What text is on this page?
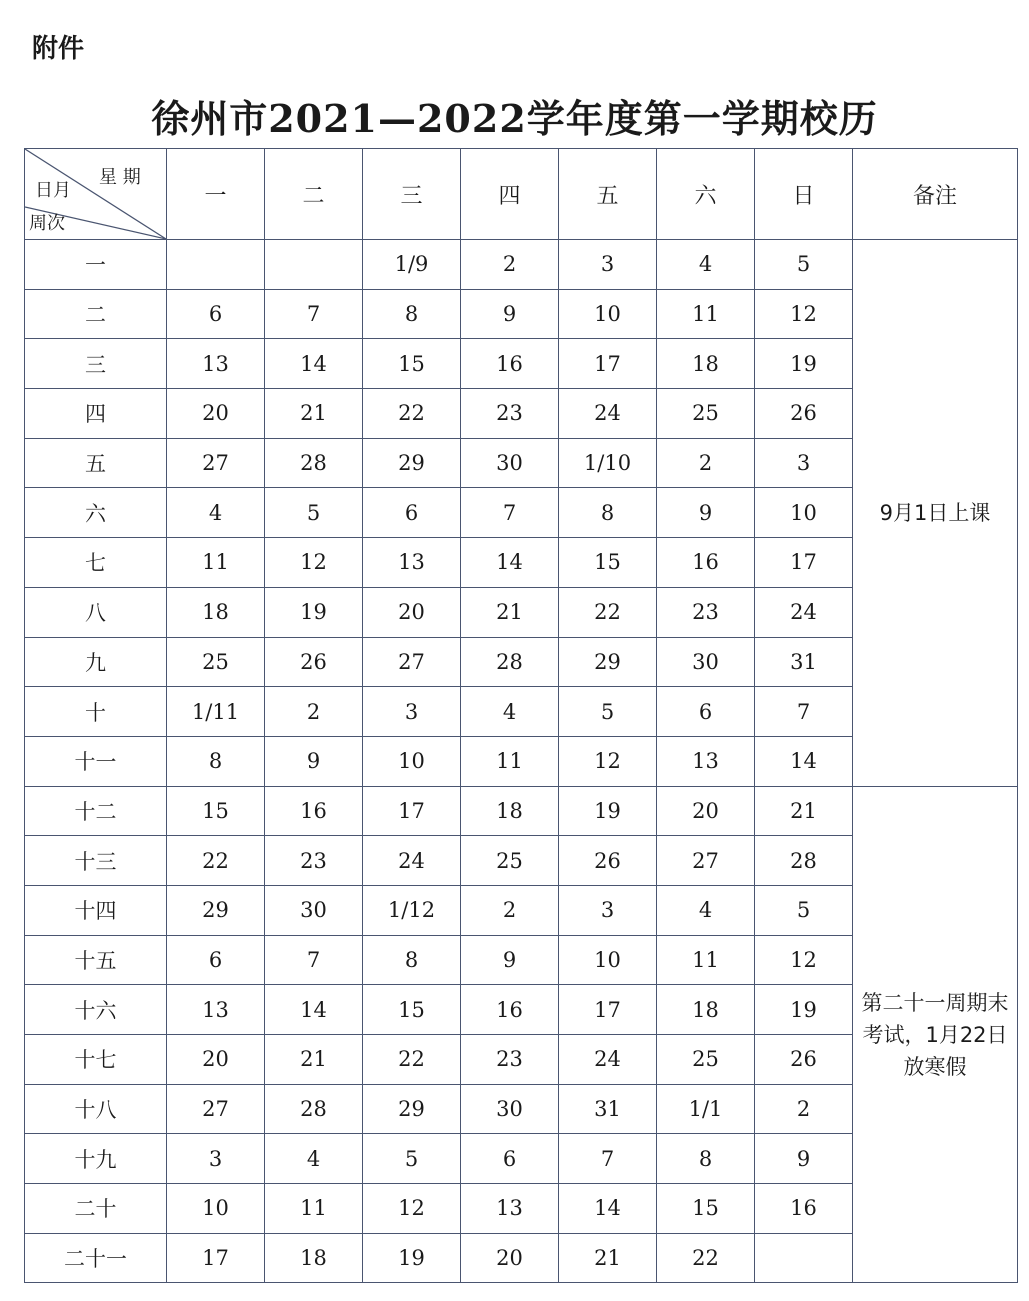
附件
徐州市2021—2022学年度第一学期校历
星 期
日月
周次	一	二	三	四	五	六	日	备注
一			1/9	2	3	4	5	9月1日上课
二	6	7	8	9	10	11	12	
三	13	14	15	16	17	18	19	
四	20	21	22	23	24	25	26	
五	27	28	29	30	1/10	2	3	
六	4	5	6	7	8	9	10	
七	11	12	13	14	15	16	17	
八	18	19	20	21	22	23	24	
九	25	26	27	28	29	30	31	
十	1/11	2	3	4	5	6	7	
十一	8	9	10	11	12	13	14	
十二	15	16	17	18	19	20	21	第二十一周期末考试，1月22日放寒假
十三	22	23	24	25	26	27	28	
十四	29	30	1/12	2	3	4	5	
十五	6	7	8	9	10	11	12	
十六	13	14	15	16	17	18	19	
十七	20	21	22	23	24	25	26	
十八	27	28	29	30	31	1/1	2	
十九	3	4	5	6	7	8	9	
二十	10	11	12	13	14	15	16	
二十一	17	18	19	20	21	22		
